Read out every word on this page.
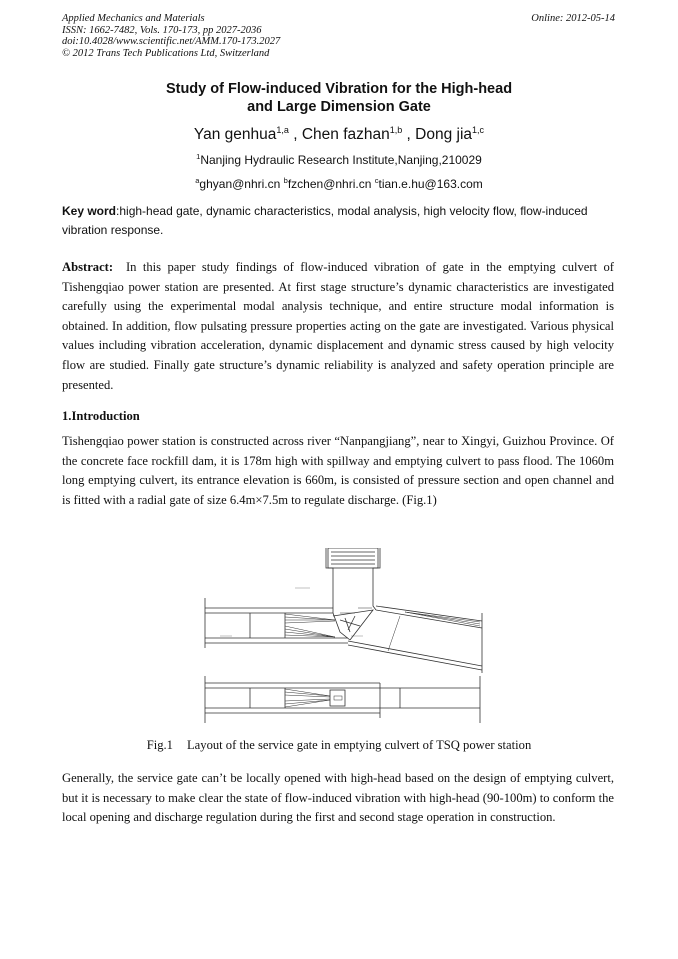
Applied Mechanics and Materials
ISSN: 1662-7482, Vols. 170-173, pp 2027-2036
doi:10.4028/www.scientific.net/AMM.170-173.2027
© 2012 Trans Tech Publications Ltd, Switzerland
Online: 2012-05-14
Study of Flow-induced Vibration for the High-head
and Large Dimension Gate
Yan genhua$^{1,a}$ , Chen fazhan$^{1,b}$ , Dong jia$^{1,c}$
$^1$Nanjing Hydraulic Research Institute,Nanjing,210029
$^a$ghyan@nhri.cn $^b$fzchen@nhri.cn $^c$tian.e.hu@163.com
Key word:high-head gate, dynamic characteristics, modal analysis, high velocity flow, flow-induced vibration response.
Abstract: In this paper study findings of flow-induced vibration of gate in the emptying culvert of Tishengqiao power station are presented. At first stage structure’s dynamic characteristics are investigated carefully using the experimental modal analysis technique, and entire structure modal information is obtained. In addition, flow pulsating pressure properties acting on the gate are investigated. Various physical values including vibration acceleration, dynamic displacement and dynamic stress caused by high velocity flow are studied. Finally gate structure’s dynamic reliability is analyzed and safety operation principle are presented.
1.Introduction
Tishengqiao power station is constructed across river “Nanpangjiang”, near to Xingyi, Guizhou Province. Of the concrete face rockfill dam, it is 178m high with spillway and emptying culvert to pass flood. The 1060m long emptying culvert, its entrance elevation is 660m, is consisted of pressure section and open channel and is fitted with a radial gate of size 6.4m×7.5m to regulate discharge. (Fig.1)
Fig.1 Layout of the service gate in emptying culvert of TSQ power station
Generally, the service gate can’t be locally opened with high-head based on the design of emptying culvert, but it is necessary to make clear the state of flow-induced vibration with high-head (90-100m) to conform the local opening and discharge regulation during the first and second stage operation in construction.
